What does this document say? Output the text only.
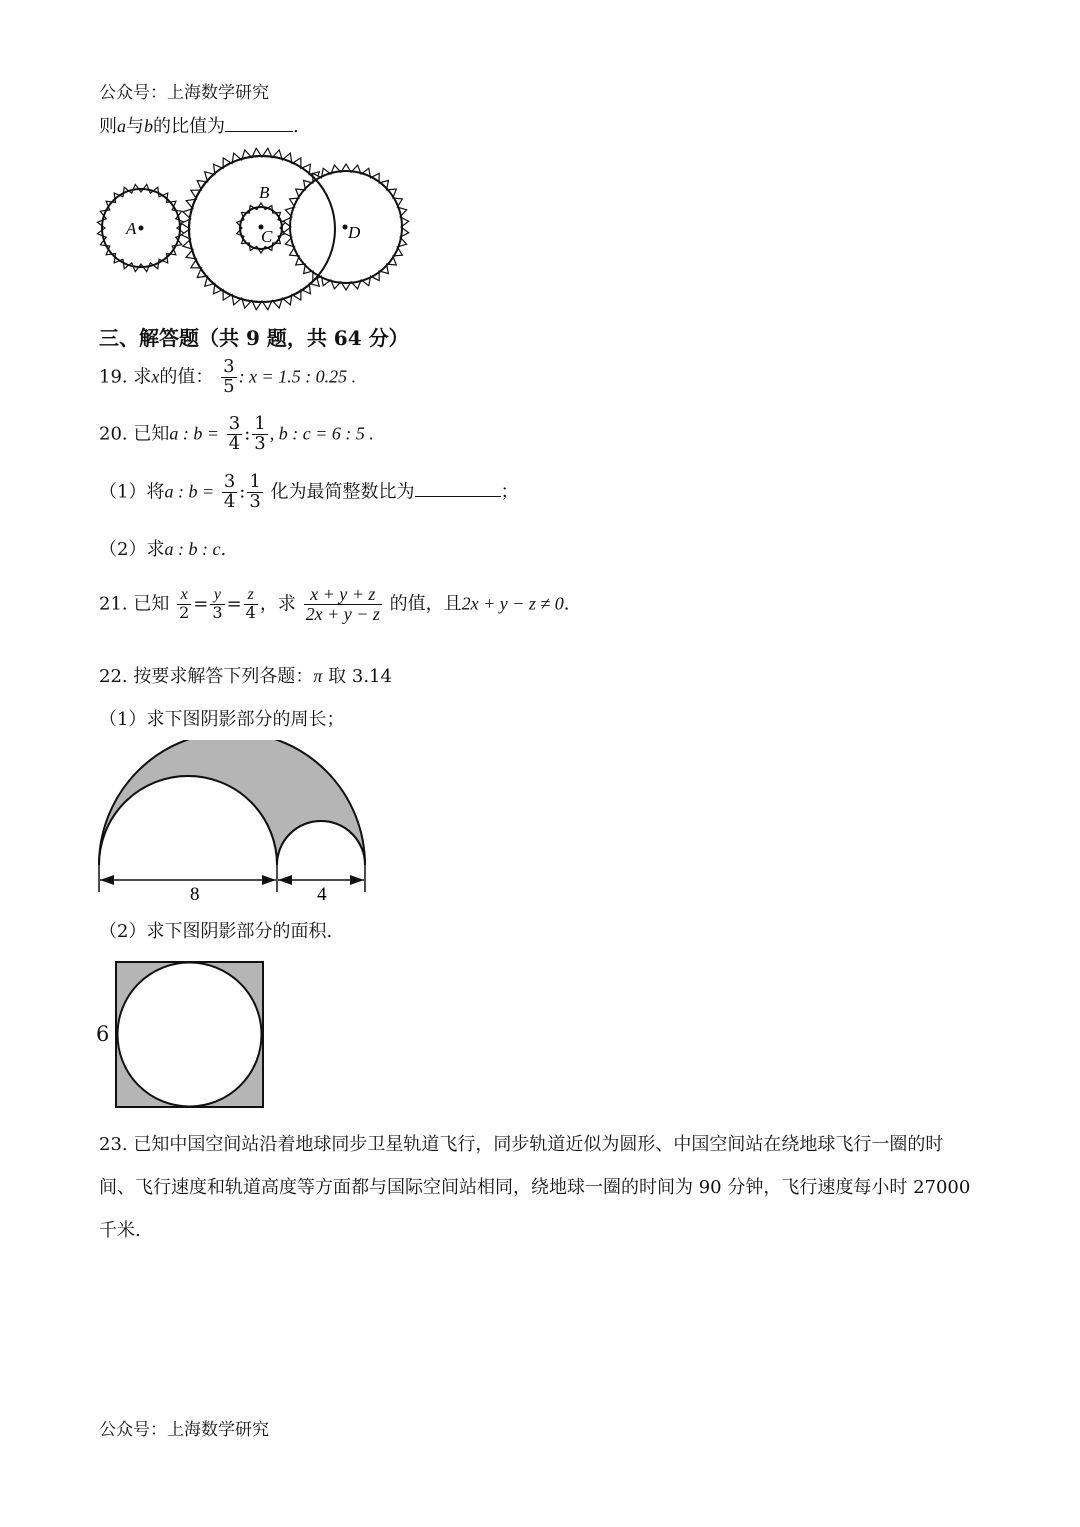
公众号：上海数学研究
则a与b的比值为	.
A
B
C	D
三、解答题（共 9 题，共 64 分）
19. 求x的值： $\frac{3}{5}$ : x = 1.5 : 0.25 .
20. 已知a : $b = \frac{3}{4}$ : $\frac{1}{3}$ , b : c = 6 : 5 .
（1）将a : $b = \frac{3}{4}$ : $\frac{1}{3}$ 化为最简整数比为	；
（2）求a : b : c.
21. 已知 $\frac{x}{2} = \frac{y}{3} = \frac{z}{4}$ ，求 $\frac{x + y + z}{2x + y - z}$ 的值，且2x + y − z ≠ 0.
22. 按要求解答下列各题：π 取 3.14
（1）求下图阴影部分的周长；
8	4
（2）求下图阴影部分的面积.
6
23. 已知中国空间站沿着地球同步卫星轨道飞行，同步轨道近似为圆形、中国空间站在绕地球飞行一圈的时
间、飞行速度和轨道高度等方面都与国际空间站相同，绕地球一圈的时间为 90 分钟，飞行速度每小时 27000
千米.
公众号：上海数学研究
